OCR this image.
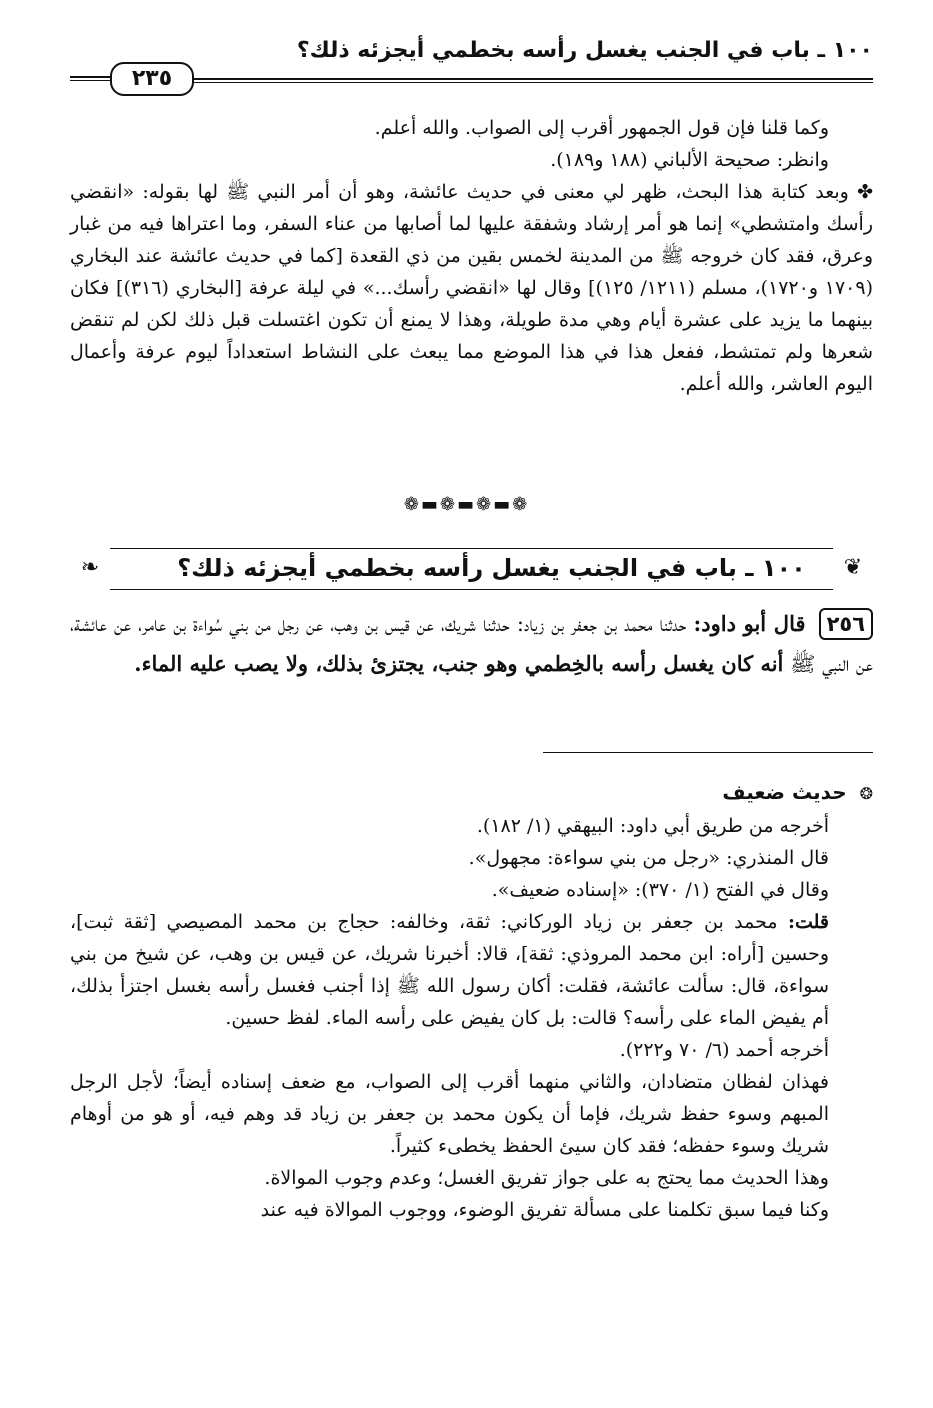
١٠٠ ـ باب في الجنب يغسل رأسه بخطمي أيجزئه ذلك؟
٢٣٥

وكما قلنا فإن قول الجمهور أقرب إلى الصواب. والله أعلم.

وانظر: صحيحة الألباني (١٨٨ و١٨٩).

✤ وبعد كتابة هذا البحث، ظهر لي معنى في حديث عائشة، وهو أن أمر النبي ﷺ لها بقوله: «انقضي رأسك وامتشطي» إنما هو أمر إرشاد وشفقة عليها لما أصابها من عناء السفر، وما اعتراها فيه من غبار وعرق، فقد كان خروجه ﷺ من المدينة لخمس بقين من ذي القعدة [كما في حديث عائشة عند البخاري (١٧٠٩ و١٧٢٠)، مسلم (١٢١١/ ١٢٥)] وقال لها «انقضي رأسك...» في ليلة عرفة [البخاري (٣١٦)] فكان بينهما ما يزيد على عشرة أيام وهي مدة طويلة، وهذا لا يمنع أن تكون اغتسلت قبل ذلك لكن لم تنقض شعرها ولم تمتشط، ففعل هذا في هذا الموضع مما يبعث على النشاط استعداداً ليوم عرفة وأعمال اليوم العاشر، والله أعلم.

❁▬❁▬❁▬❁
❦
❧	١٠٠ ـ باب في الجنب يغسل رأسه بخطمي أيجزئه ذلك؟
٢٥٦ قال أبو داود: حدثنا محمد بن جعفر بن زياد: حدثنا شريك، عن قيس بن وهب، عن رجل من بني سُواءة بن عامر، عن عائشة، عن النبي ﷺ أنه كان يغسل رأسه بالخِطمي وهو جنب، يجتزئ بذلك، ولا يصب عليه الماء.
❂ حديث ضعيف

أخرجه من طريق أبي داود: البيهقي (١/ ١٨٢).

قال المنذري: «رجل من بني سواءة: مجهول».

وقال في الفتح (١/ ٣٧٠): «إسناده ضعيف».

قلت: محمد بن جعفر بن زياد الوركاني: ثقة، وخالفه: حجاج بن محمد المصيصي [ثقة ثبت]، وحسين [أراه: ابن محمد المروذي: ثقة]، قالا: أخبرنا شريك، عن قيس بن وهب، عن شيخ من بني سواءة، قال: سألت عائشة، فقلت: أكان رسول الله ﷺ إذا أجنب فغسل رأسه بغسل اجتزأ بذلك، أم يفيض الماء على رأسه؟ قالت: بل كان يفيض على رأسه الماء. لفظ حسين.

أخرجه أحمد (٦/ ٧٠ و٢٢٢).

فهذان لفظان متضادان، والثاني منهما أقرب إلى الصواب، مع ضعف إسناده أيضاً؛ لأجل الرجل المبهم وسوء حفظ شريك، فإما أن يكون محمد بن جعفر بن زياد قد وهم فيه، أو هو من أوهام شريك وسوء حفظه؛ فقد كان سيئ الحفظ يخطىء كثيراً.

وهذا الحديث مما يحتج به على جواز تفريق الغسل؛ وعدم وجوب الموالاة.

وكنا فيما سبق تكلمنا على مسألة تفريق الوضوء، ووجوب الموالاة فيه عند
